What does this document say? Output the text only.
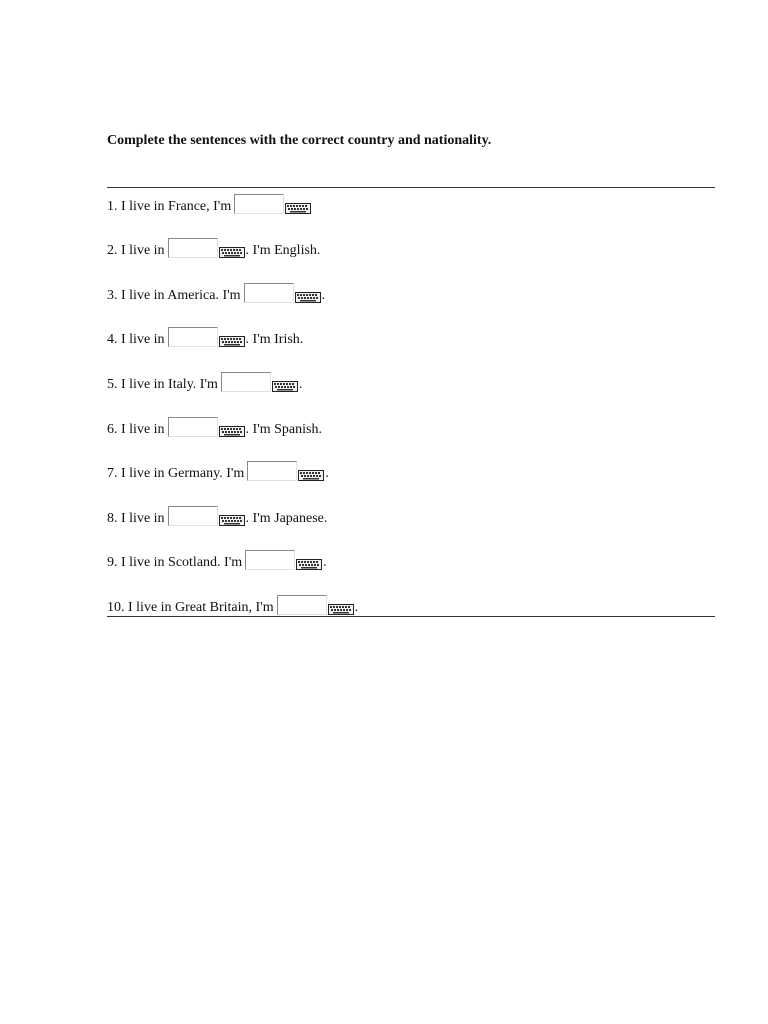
Complete the sentences with the correct country and nationality.
1. I live in France, I'm
2. I live in	. I'm English.
3. I live in America. I'm	.
4. I live in	. I'm Irish.
5. I live in Italy. I'm	.
6. I live in	. I'm Spanish.
7. I live in Germany. I'm	.
8. I live in	. I'm Japanese.
9. I live in Scotland. I'm	.
10. I live in Great Britain, I'm	.
